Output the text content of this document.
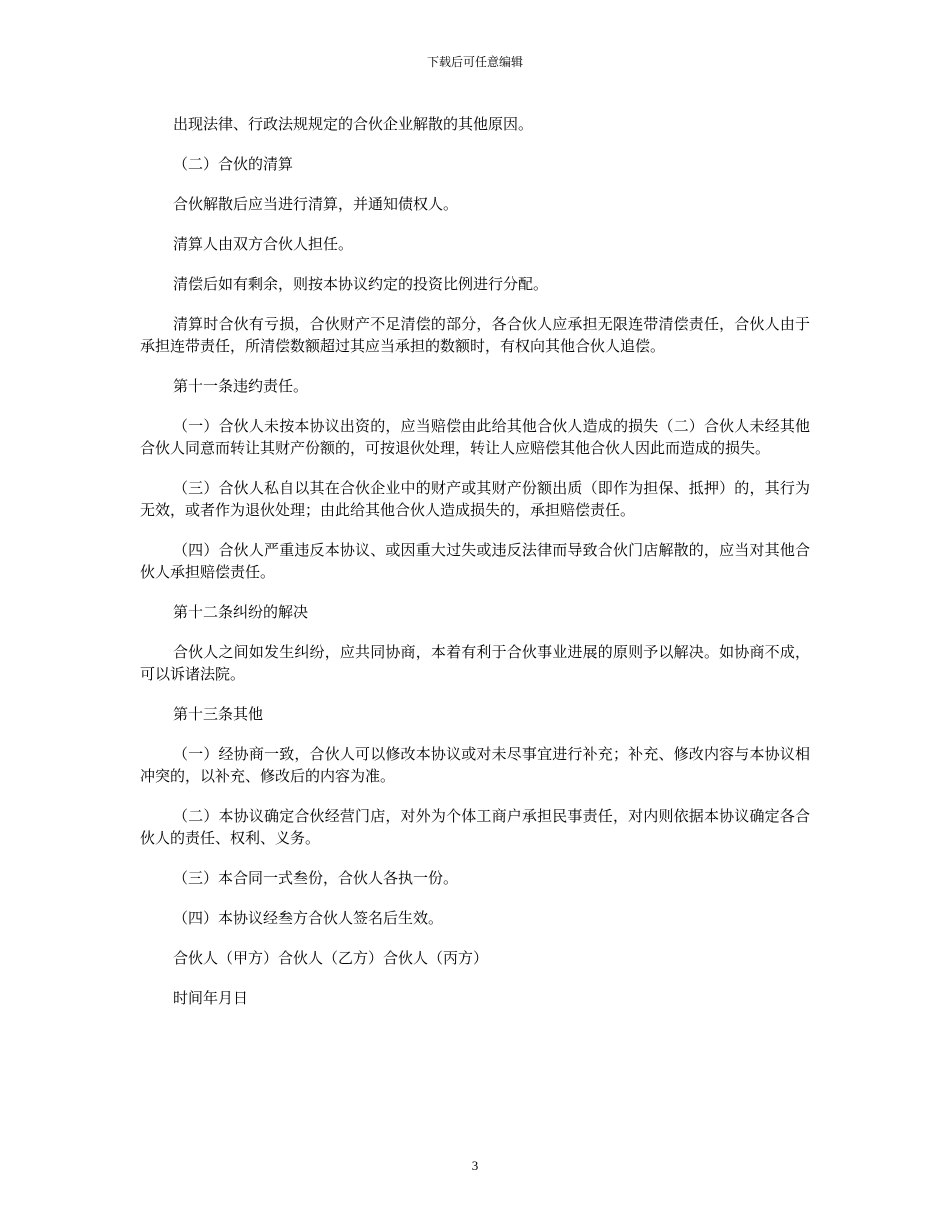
下载后可任意编辑

出现法律、行政法规规定的合伙企业解散的其他原因。

（二）合伙的清算

合伙解散后应当进行清算，并通知债权人。

清算人由双方合伙人担任。

清偿后如有剩余，则按本协议约定的投资比例进行分配。

清算时合伙有亏损，合伙财产不足清偿的部分，各合伙人应承担无限连带清偿责任，合伙人由于承担连带责任，所清偿数额超过其应当承担的数额时，有权向其他合伙人追偿。

第十一条违约责任。

（一）合伙人未按本协议出资的，应当赔偿由此给其他合伙人造成的损失（二）合伙人未经其他合伙人同意而转让其财产份额的，可按退伙处理，转让人应赔偿其他合伙人因此而造成的损失。

（三）合伙人私自以其在合伙企业中的财产或其财产份额出质（即作为担保、抵押）的，其行为无效，或者作为退伙处理；由此给其他合伙人造成损失的，承担赔偿责任。

（四）合伙人严重违反本协议、或因重大过失或违反法律而导致合伙门店解散的，应当对其他合伙人承担赔偿责任。

第十二条纠纷的解决

合伙人之间如发生纠纷，应共同协商，本着有利于合伙事业进展的原则予以解决。如协商不成，可以诉诸法院。

第十三条其他

（一）经协商一致，合伙人可以修改本协议或对未尽事宜进行补充；补充、修改内容与本协议相冲突的，以补充、修改后的内容为准。

（二）本协议确定合伙经营门店，对外为个体工商户承担民事责任，对内则依据本协议确定各合伙人的责任、权利、义务。

（三）本合同一式叁份，合伙人各执一份。

（四）本协议经叁方合伙人签名后生效。

合伙人（甲方）合伙人（乙方）合伙人（丙方）

时间年月日

3
